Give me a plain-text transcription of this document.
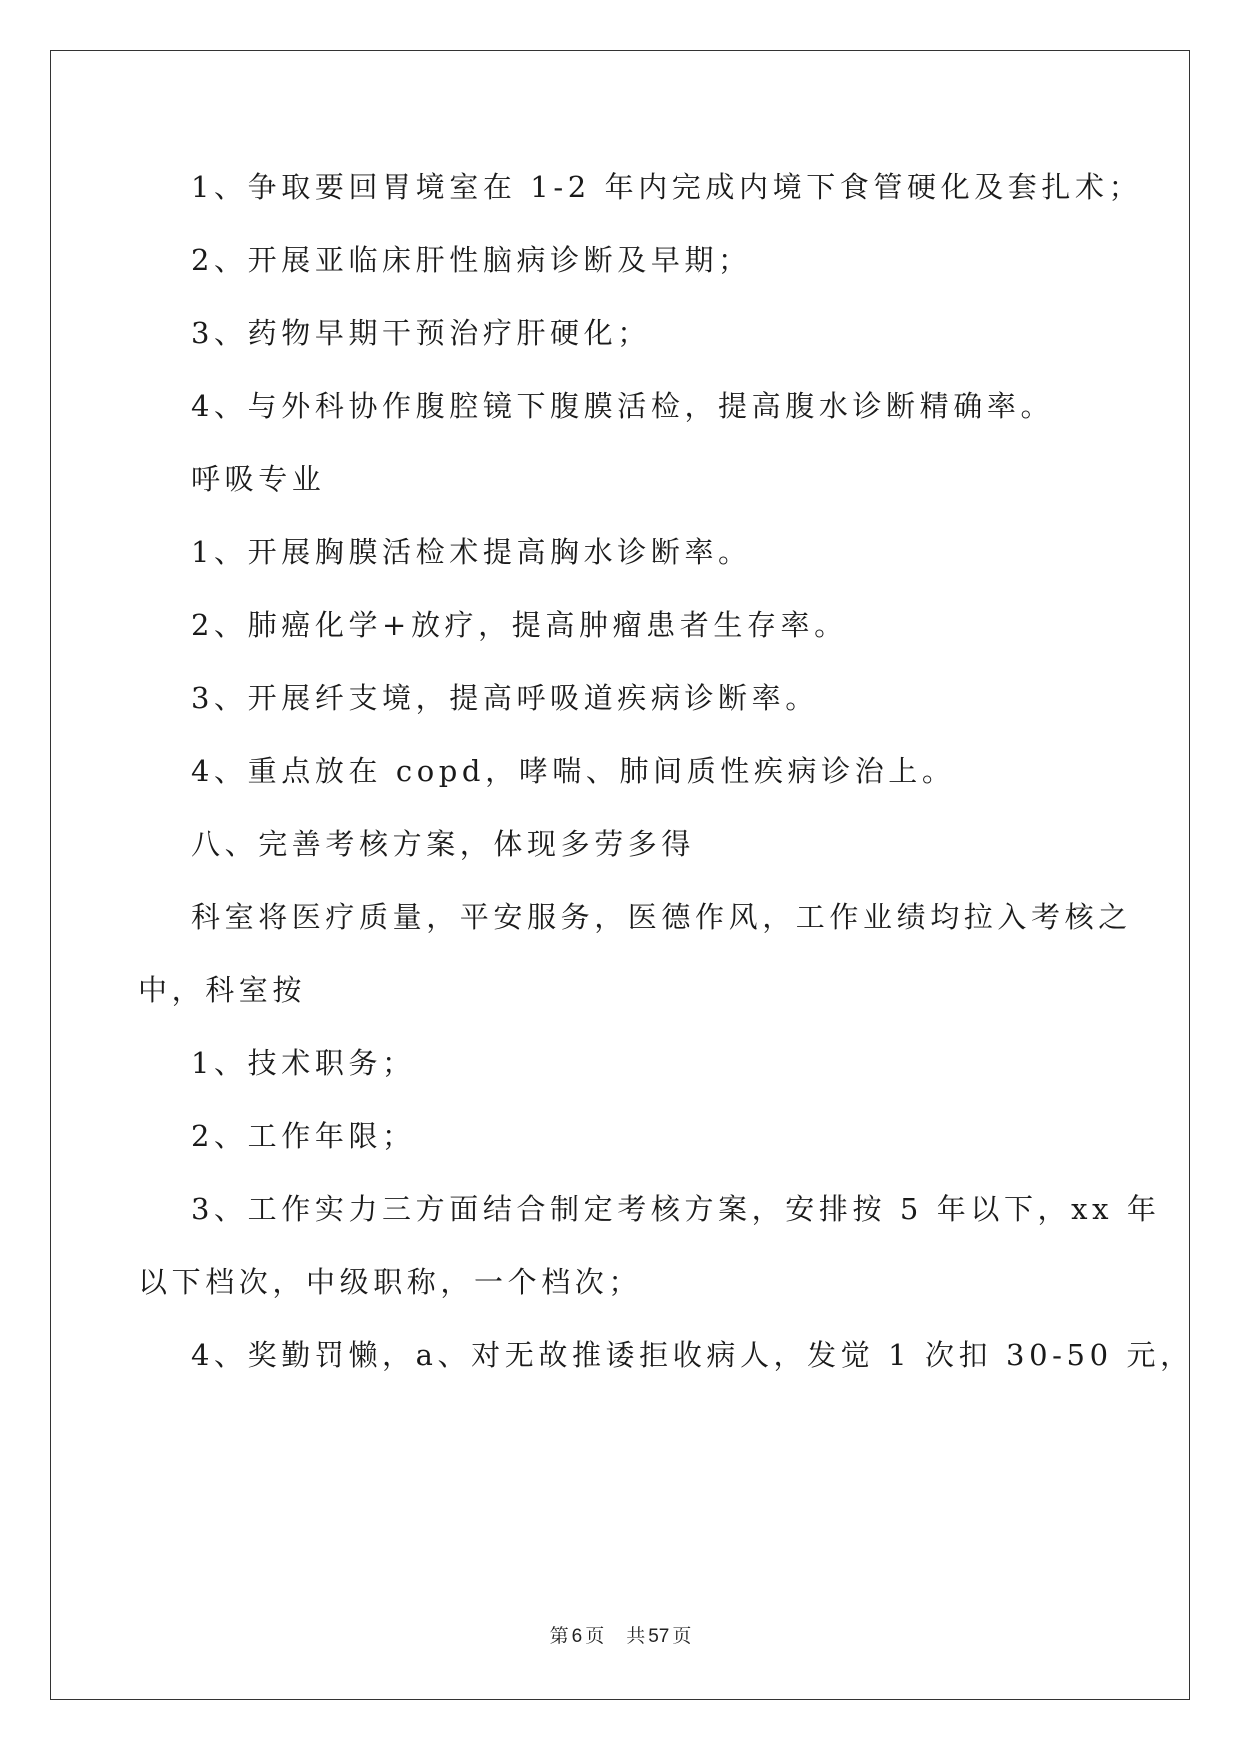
1、争取要回胃境室在 1-2 年内完成内境下食管硬化及套扎术；
2、开展亚临床肝性脑病诊断及早期；
3、药物早期干预治疗肝硬化；
4、与外科协作腹腔镜下腹膜活检，提高腹水诊断精确率。
呼吸专业
1、开展胸膜活检术提高胸水诊断率。
2、肺癌化学+放疗，提高肿瘤患者生存率。
3、开展纤支境，提高呼吸道疾病诊断率。
4、重点放在 copd，哮喘、肺间质性疾病诊治上。
八、完善考核方案，体现多劳多得
科室将医疗质量，平安服务，医德作风，工作业绩均拉入考核之
中，科室按
1、技术职务；
2、工作年限；
3、工作实力三方面结合制定考核方案，安排按 5 年以下，xx 年
以下档次，中级职称，一个档次；
4、奖勤罚懒，a、对无故推诿拒收病人，发觉 1 次扣 30-50 元，
第 6 页 共 57 页
